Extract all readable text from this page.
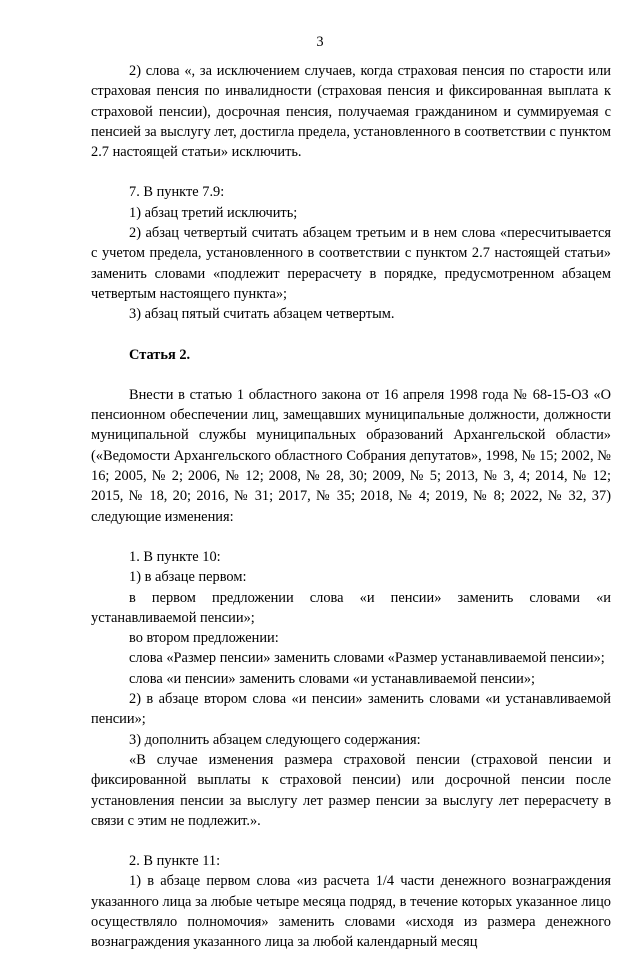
3

2) слова «, за исключением случаев, когда страховая пенсия по старости или страховая пенсия по инвалидности (страховая пенсия и фиксированная выплата к страховой пенсии), досрочная пенсия, получаемая гражданином и суммируемая с пенсией за выслугу лет, достигла предела, установленного в соответствии с пунктом 2.7 настоящей статьи» исключить.

7. В пункте 7.9:

1) абзац третий исключить;

2) абзац четвертый считать абзацем третьим и в нем слова «пересчитывается с учетом предела, установленного в соответствии с пунктом 2.7 настоящей статьи» заменить словами «подлежит перерасчету в порядке, предусмотренном абзацем четвертым настоящего пункта»;

3) абзац пятый считать абзацем четвертым.

Статья 2.

Внести в статью 1 областного закона от 16 апреля 1998 года № 68-15-ОЗ «О пенсионном обеспечении лиц, замещавших муниципальные должности, должности муниципальной службы муниципальных образований Архангельской области» («Ведомости Архангельского областного Собрания депутатов», 1998, № 15; 2002, № 16; 2005, № 2; 2006, № 12; 2008, № 28, 30; 2009, № 5; 2013, № 3, 4; 2014, № 12; 2015, № 18, 20; 2016, № 31; 2017, № 35; 2018, № 4; 2019, № 8; 2022, № 32, 37) следующие изменения:

1. В пункте 10:

1) в абзаце первом:

в первом предложении слова «и пенсии» заменить словами «и устанавливаемой пенсии»;

во втором предложении:

слова «Размер пенсии» заменить словами «Размер устанавливаемой пенсии»;

слова «и пенсии» заменить словами «и устанавливаемой пенсии»;

2) в абзаце втором слова «и пенсии» заменить словами «и устанавливаемой пенсии»;

3) дополнить абзацем следующего содержания:

«В случае изменения размера страховой пенсии (страховой пенсии и фиксированной выплаты к страховой пенсии) или досрочной пенсии после установления пенсии за выслугу лет размер пенсии за выслугу лет перерасчету в связи с этим не подлежит.».

2. В пункте 11:

1) в абзаце первом слова «из расчета 1/4 части денежного вознаграждения указанного лица за любые четыре месяца подряд, в течение которых указанное лицо осуществляло полномочия» заменить словами «исходя из размера денежного вознаграждения указанного лица за любой календарный месяц
